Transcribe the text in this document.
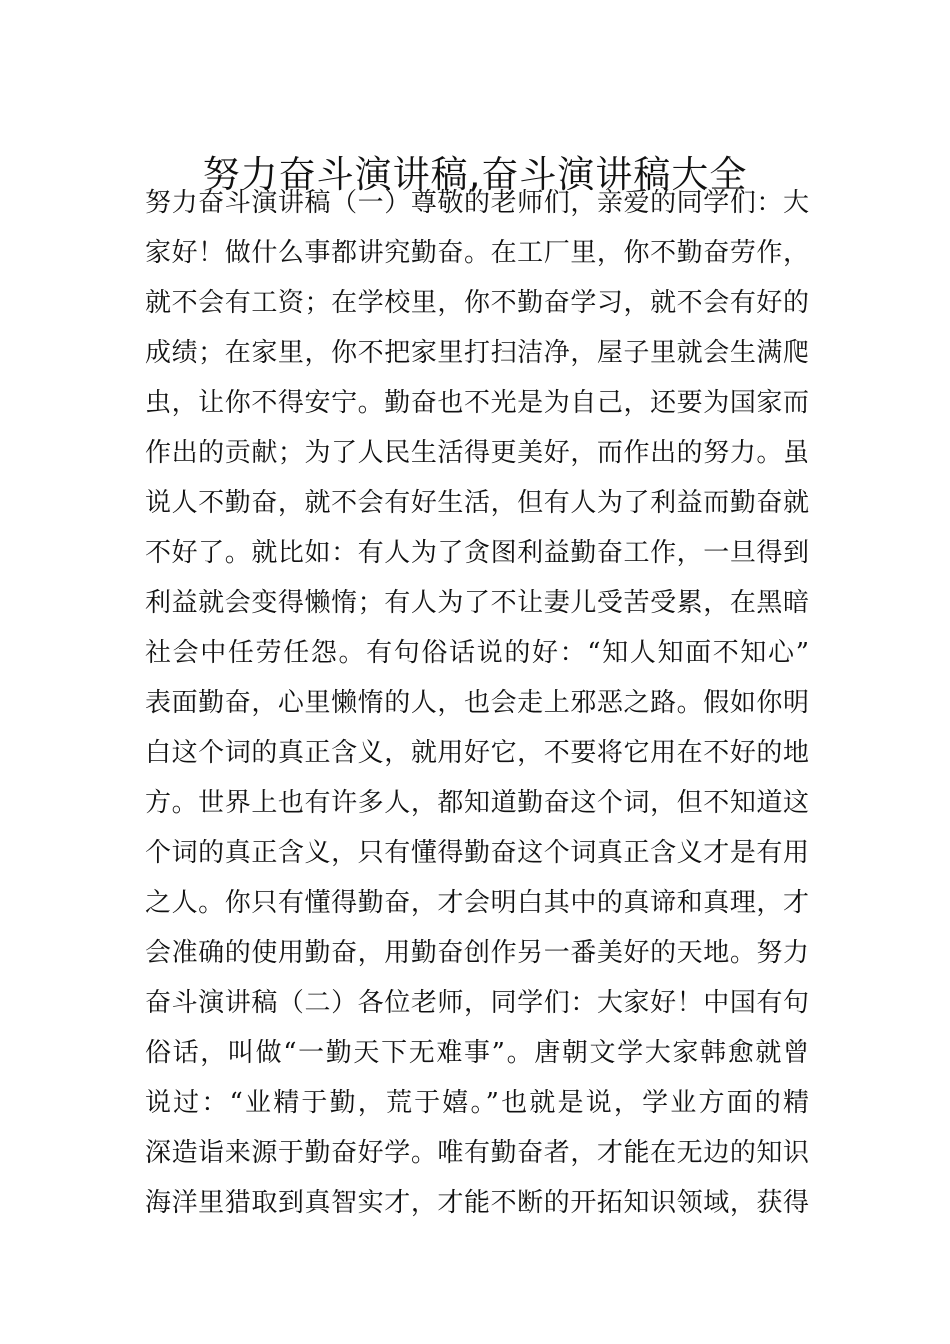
努力奋斗演讲稿,奋斗演讲稿大全
努力奋斗演讲稿（一）尊敬的老师们，亲爱的同学们：大
家好！做什么事都讲究勤奋。在工厂里，你不勤奋劳作，
就不会有工资；在学校里，你不勤奋学习，就不会有好的
成绩；在家里，你不把家里打扫洁净，屋子里就会生满爬
虫，让你不得安宁。勤奋也不光是为自己，还要为国家而
作出的贡献；为了人民生活得更美好，而作出的努力。虽
说人不勤奋，就不会有好生活，但有人为了利益而勤奋就
不好了。就比如：有人为了贪图利益勤奋工作，一旦得到
利益就会变得懒惰；有人为了不让妻儿受苦受累，在黑暗
社会中任劳任怨。有句俗话说的好：“知人知面不知心”
表面勤奋，心里懒惰的人，也会走上邪恶之路。假如你明
白这个词的真正含义，就用好它，不要将它用在不好的地
方。世界上也有许多人，都知道勤奋这个词，但不知道这
个词的真正含义，只有懂得勤奋这个词真正含义才是有用
之人。你只有懂得勤奋，才会明白其中的真谛和真理，才
会准确的使用勤奋，用勤奋创作另一番美好的天地。努力
奋斗演讲稿（二）各位老师，同学们：大家好！中国有句
俗话，叫做“一勤天下无难事”。唐朝文学大家韩愈就曾
说过：“业精于勤，荒于嬉。”也就是说，学业方面的精
深造诣来源于勤奋好学。唯有勤奋者，才能在无边的知识
海洋里猎取到真智实才，才能不断的开拓知识领域，获得
